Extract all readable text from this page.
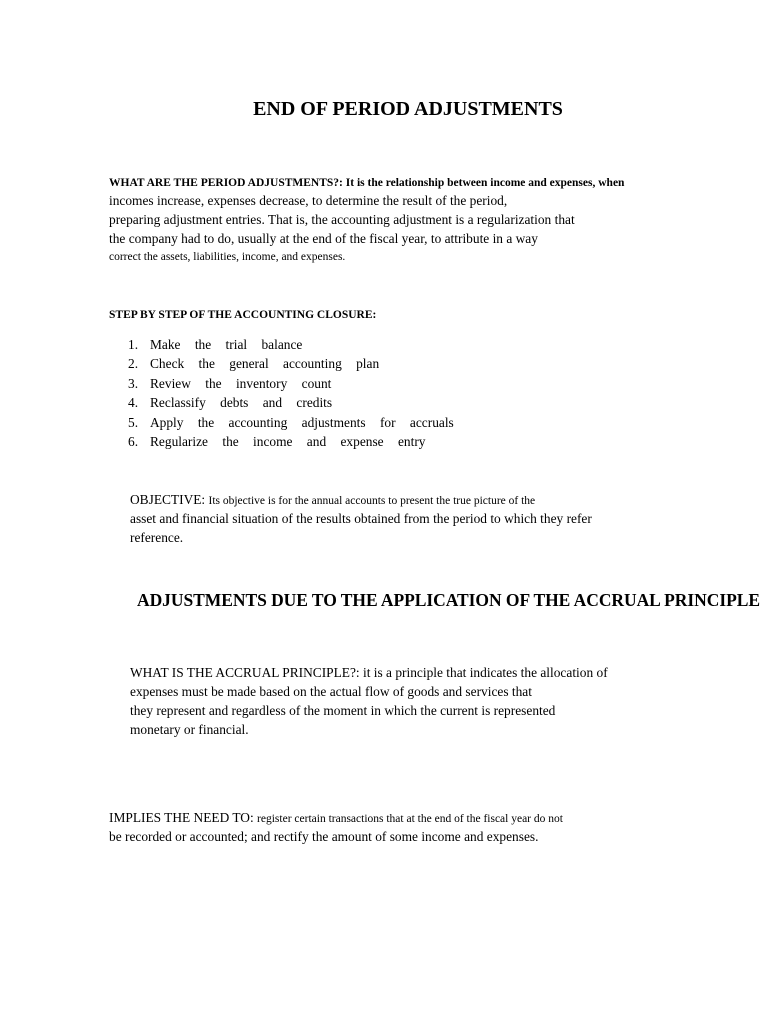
END OF PERIOD ADJUSTMENTS
WHAT ARE THE PERIOD ADJUSTMENTS?: It is the relationship between income and expenses, when
incomes increase, expenses decrease, to determine the result of the period,
preparing adjustment entries. That is, the accounting adjustment is a regularization that
the company had to do, usually at the end of the fiscal year, to attribute in a way
correct the assets, liabilities, income, and expenses.
STEP BY STEP OF THE ACCOUNTING CLOSURE:
1. Make the trial balance
2. Check the general accounting plan
3. Review the inventory count
4. Reclassify debts and credits
5. Apply the accounting adjustments for accruals
6. Regularize the income and expense entry
OBJECTIVE: Its objective is for the annual accounts to present the true picture of the
asset and financial situation of the results obtained from the period to which they refer
reference.
ADJUSTMENTS DUE TO THE APPLICATION OF THE ACCRUAL PRINCIPLE
WHAT IS THE ACCRUAL PRINCIPLE?: it is a principle that indicates the allocation of
expenses must be made based on the actual flow of goods and services that
they represent and regardless of the moment in which the current is represented
monetary or financial.
IMPLIES THE NEED TO: register certain transactions that at the end of the fiscal year do not
be recorded or accounted; and rectify the amount of some income and expenses.
